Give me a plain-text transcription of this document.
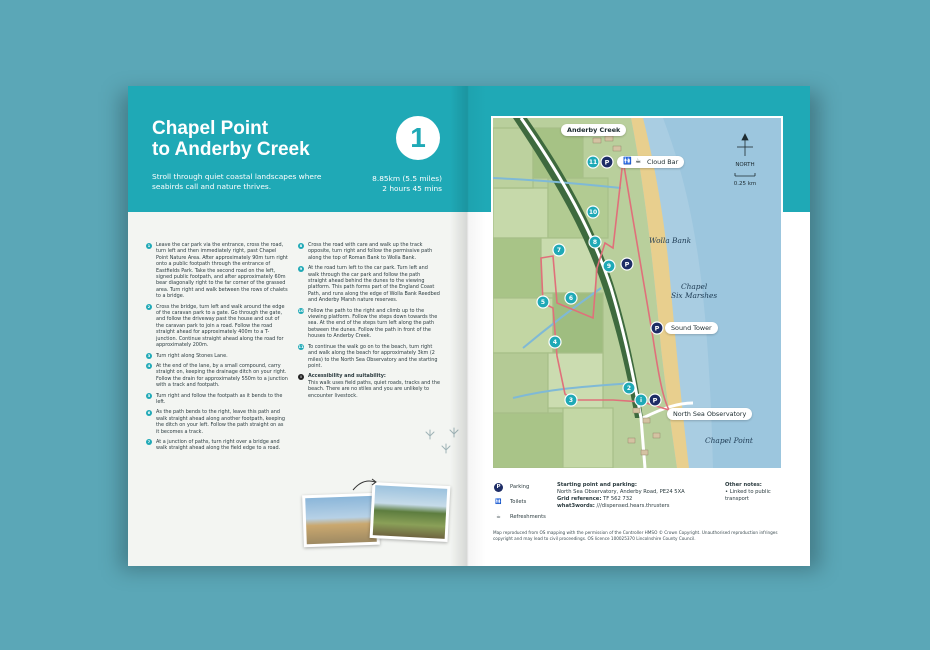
Chapel Point
to Anderby Creek	1
Stroll through quiet coastal landscapes where seabirds call and nature thrives.
8.85km (5.5 miles)
2 hours 45 mins
1	Leave the car park via the entrance, cross the road, turn left and then immediately right, past Chapel Point Nature Area. After approximately 90m turn right onto a public footpath through the entrance of Eastfields Park. Take the second road on the left, signed public footpath, and after approximately 60m bear diagonally right to the far corner of the grassed area. Turn right and walk between the rows of chalets to a bridge.
2	Cross the bridge, turn left and walk around the edge of the caravan park to a gate. Go through the gate, and follow the driveway past the house and out of the caravan park to join a road. Follow the road straight ahead for approximately 400m to a T-junction. Continue straight ahead along the road for approximately 200m.
3	Turn right along Stones Lane.
4	At the end of the lane, by a small compound, carry straight on, keeping the drainage ditch on your right. Follow the drain for approximately 550m to a junction with a track and footpath.
5	Turn right and follow the footpath as it bends to the left.
6	As the path bends to the right, leave this path and walk straight ahead along another footpath, keeping the ditch on your left. Follow the path straight on as it becomes a track.
7	At a junction of paths, turn right over a bridge and walk straight ahead along the field edge to a road.
8	Cross the road with care and walk up the track opposite, turn right and follow the permissive path along the top of Roman Bank to Wolla Bank.
9	At the road turn left to the car park. Turn left and walk through the car park and follow the path straight ahead behind the dunes to the viewing platform. This path forms part of the England Coast Path, and runs along the edge of Wolla Bank Reedbed and Anderby Marsh nature reserves.
10 Follow the path to the right and climb up to the viewing platform. Follow the steps down towards the sea. At the end of the steps turn left along the path between the dunes. Follow the path in front of the houses to Anderby Creek.
11 To continue the walk go on to the beach, turn right and walk along the beach for approximately 3km (2 miles) to the North Sea Observatory and the starting point.
i	Accessibility and suitability:
This walk uses field paths, quiet roads, tracks and the beach. There are no stiles and you are unlikely to encounter livestock.
11
10
8
9
7
5
6
4
3
2
i
P
P
P
P
NORTH
0.25 km
Anderby Creek
🚻 ☕ Cloud Bar
Wolla Bank
Chapel
Six Marshes
Sound Tower
North Sea Observatory
Chapel Point
P	Parking
🚻	Toilets
☕	Refreshments
Starting point and parking:
North Sea Observatory, Anderby Road, PE24 5XA
Grid reference: TF 562 732
what3words: ///dispensed.hears.thrusters
Other notes:
• Linked to public transport
Map reproduced from OS mapping with the permission of the Controller HMSO © Crown Copyright. Unauthorised reproduction infringes copyright and may lead to civil proceedings. OS licence 100025370 Lincolnshire County Council.
